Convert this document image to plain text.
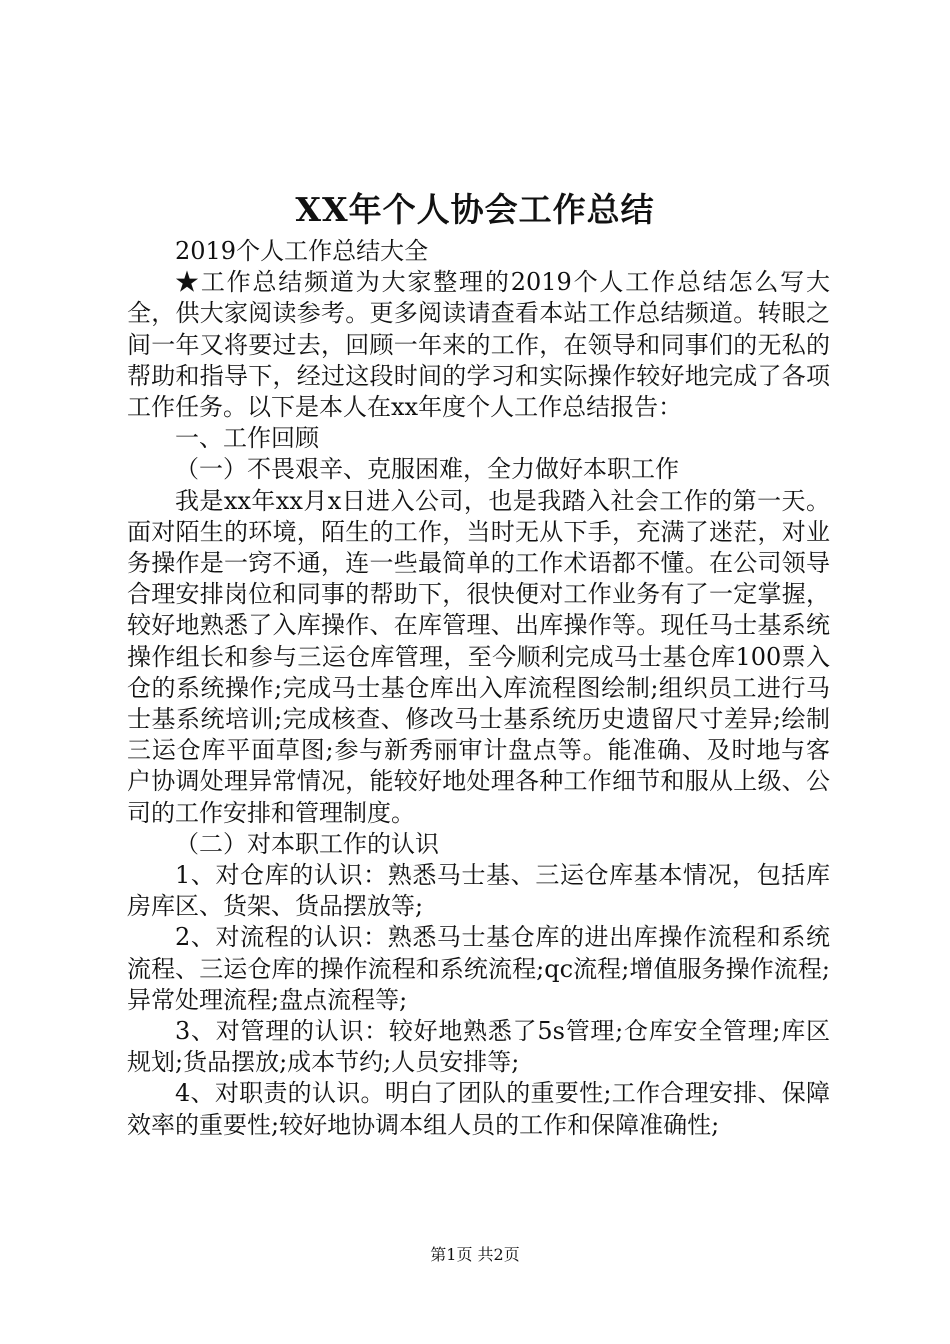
XX年个人协会工作总结

2019个人工作总结大全

★工作总结频道为大家整理的2019个人工作总结怎么写大全，供大家阅读参考。更多阅读请查看本站工作总结频道。转眼之间一年又将要过去，回顾一年来的工作，在领导和同事们的无私的帮助和指导下，经过这段时间的学习和实际操作较好地完成了各项工作任务。以下是本人在xx年度个人工作总结报告：

一、工作回顾

（一）不畏艰辛、克服困难，全力做好本职工作

我是xx年xx月x日进入公司，也是我踏入社会工作的第一天。面对陌生的环境，陌生的工作，当时无从下手，充满了迷茫，对业务操作是一窍不通，连一些最简单的工作术语都不懂。在公司领导合理安排岗位和同事的帮助下，很快便对工作业务有了一定掌握，较好地熟悉了入库操作、在库管理、出库操作等。现任马士基系统操作组长和参与三运仓库管理，至今顺利完成马士基仓库100票入仓的系统操作;完成马士基仓库出入库流程图绘制;组织员工进行马士基系统培训;完成核查、修改马士基系统历史遗留尺寸差异;绘制三运仓库平面草图;参与新秀丽审计盘点等。能准确、及时地与客户协调处理异常情况，能较好地处理各种工作细节和服从上级、公司的工作安排和管理制度。

（二）对本职工作的认识

1、对仓库的认识：熟悉马士基、三运仓库基本情况，包括库房库区、货架、货品摆放等;

2、对流程的认识：熟悉马士基仓库的进出库操作流程和系统流程、三运仓库的操作流程和系统流程;qc流程;增值服务操作流程;异常处理流程;盘点流程等;

3、对管理的认识：较好地熟悉了5s管理;仓库安全管理;库区规划;货品摆放;成本节约;人员安排等;

4、对职责的认识。明白了团队的重要性;工作合理安排、保障效率的重要性;较好地协调本组人员的工作和保障准确性;

第1页 共2页
